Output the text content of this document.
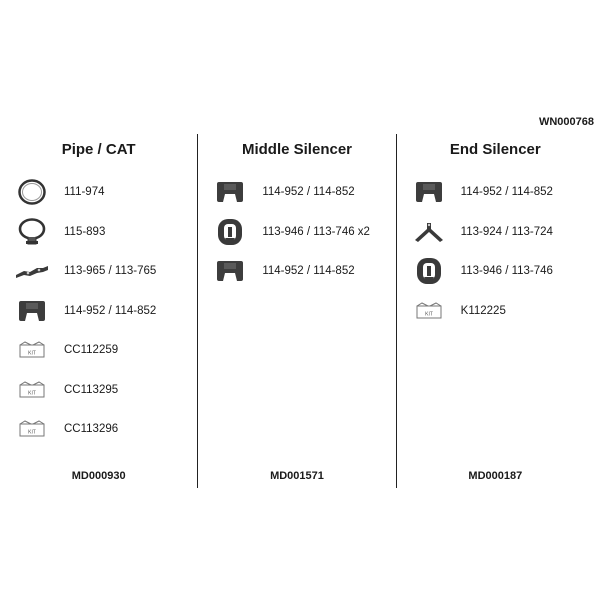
WN000768
Pipe / CAT
MD000930
111-974
115-893
113-965 / 113-765
114-952 / 114-852
KIT CC112259
KIT CC113295
KIT CC113296
Middle Silencer
MD001571
114-952 / 114-852
113-946 / 113-746 x2
114-952 / 114-852
End Silencer
MD000187
114-952 / 114-852
113-924 / 113-724
113-946 / 113-746
KIT K112225
